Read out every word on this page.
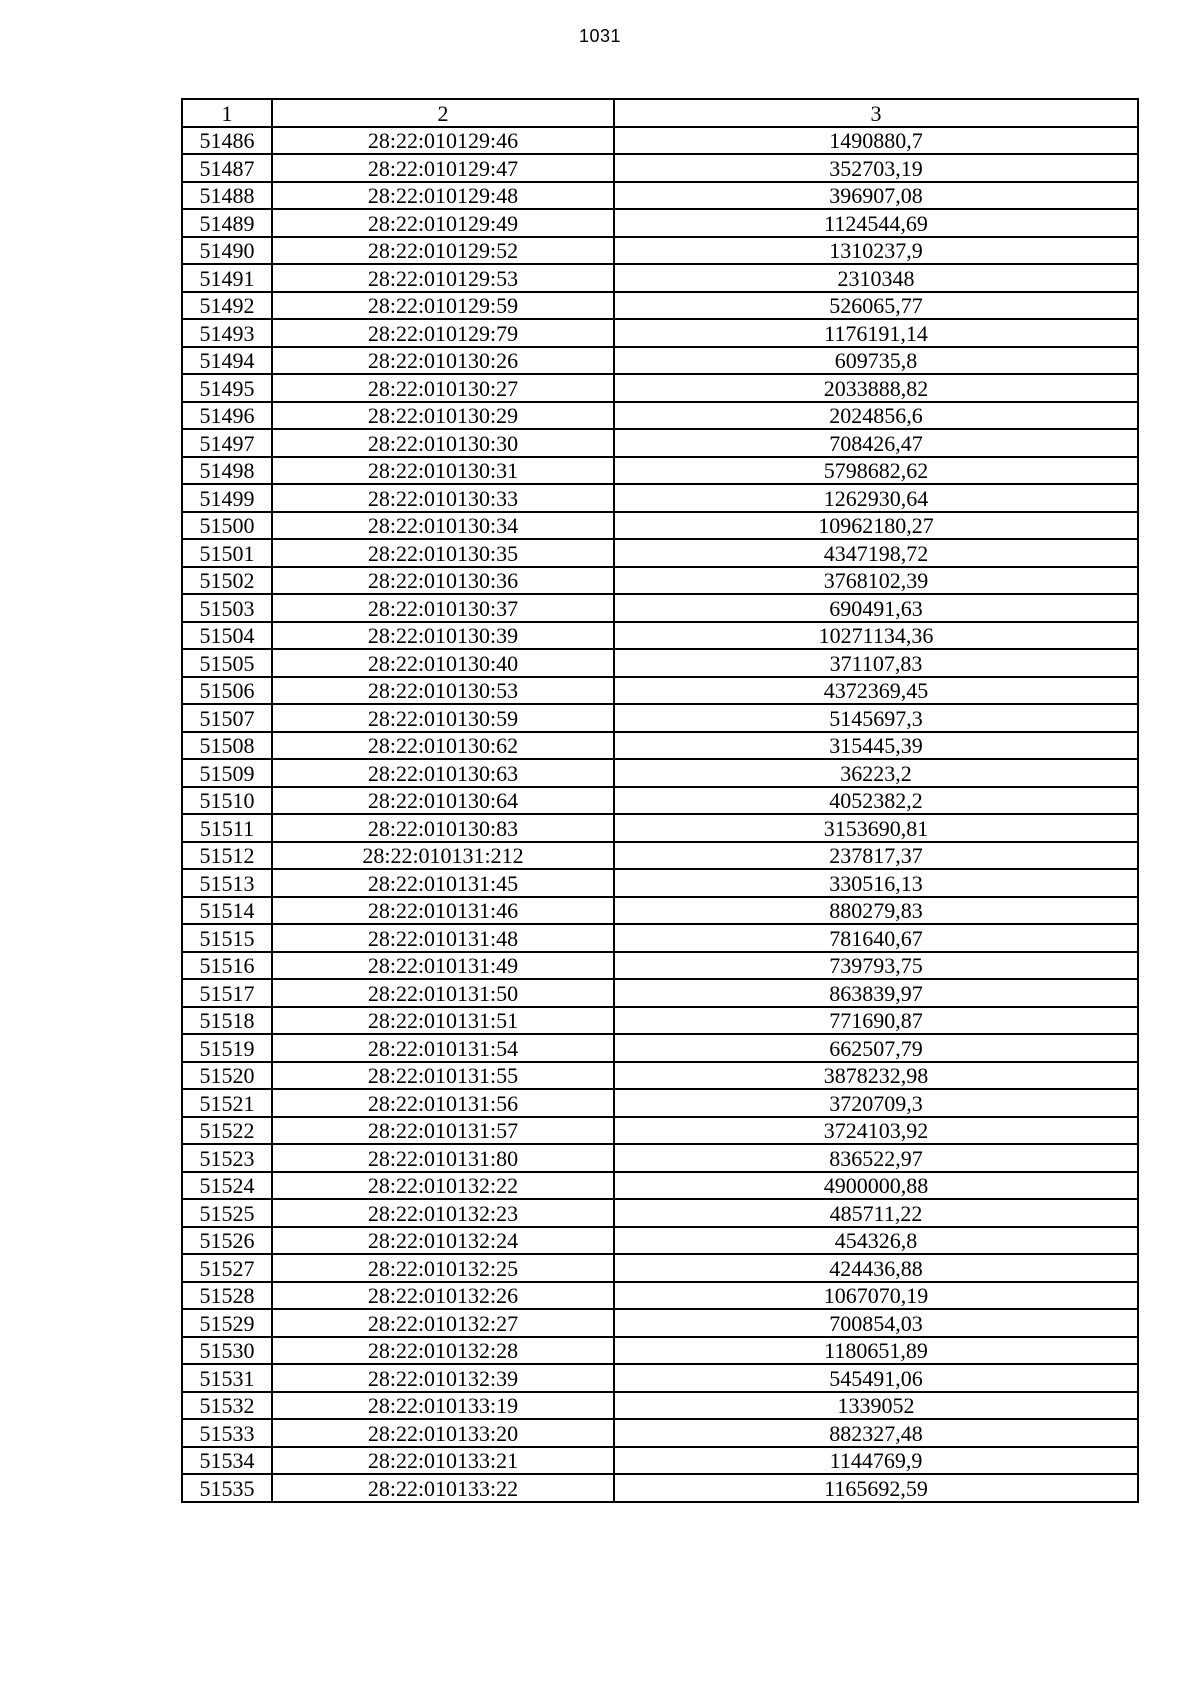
1031
1	2	3
51486	28:22:010129:46	1490880,7
51487	28:22:010129:47	352703,19
51488	28:22:010129:48	396907,08
51489	28:22:010129:49	1124544,69
51490	28:22:010129:52	1310237,9
51491	28:22:010129:53	2310348
51492	28:22:010129:59	526065,77
51493	28:22:010129:79	1176191,14
51494	28:22:010130:26	609735,8
51495	28:22:010130:27	2033888,82
51496	28:22:010130:29	2024856,6
51497	28:22:010130:30	708426,47
51498	28:22:010130:31	5798682,62
51499	28:22:010130:33	1262930,64
51500	28:22:010130:34	10962180,27
51501	28:22:010130:35	4347198,72
51502	28:22:010130:36	3768102,39
51503	28:22:010130:37	690491,63
51504	28:22:010130:39	10271134,36
51505	28:22:010130:40	371107,83
51506	28:22:010130:53	4372369,45
51507	28:22:010130:59	5145697,3
51508	28:22:010130:62	315445,39
51509	28:22:010130:63	36223,2
51510	28:22:010130:64	4052382,2
51511	28:22:010130:83	3153690,81
51512	28:22:010131:212	237817,37
51513	28:22:010131:45	330516,13
51514	28:22:010131:46	880279,83
51515	28:22:010131:48	781640,67
51516	28:22:010131:49	739793,75
51517	28:22:010131:50	863839,97
51518	28:22:010131:51	771690,87
51519	28:22:010131:54	662507,79
51520	28:22:010131:55	3878232,98
51521	28:22:010131:56	3720709,3
51522	28:22:010131:57	3724103,92
51523	28:22:010131:80	836522,97
51524	28:22:010132:22	4900000,88
51525	28:22:010132:23	485711,22
51526	28:22:010132:24	454326,8
51527	28:22:010132:25	424436,88
51528	28:22:010132:26	1067070,19
51529	28:22:010132:27	700854,03
51530	28:22:010132:28	1180651,89
51531	28:22:010132:39	545491,06
51532	28:22:010133:19	1339052
51533	28:22:010133:20	882327,48
51534	28:22:010133:21	1144769,9
51535	28:22:010133:22	1165692,59
